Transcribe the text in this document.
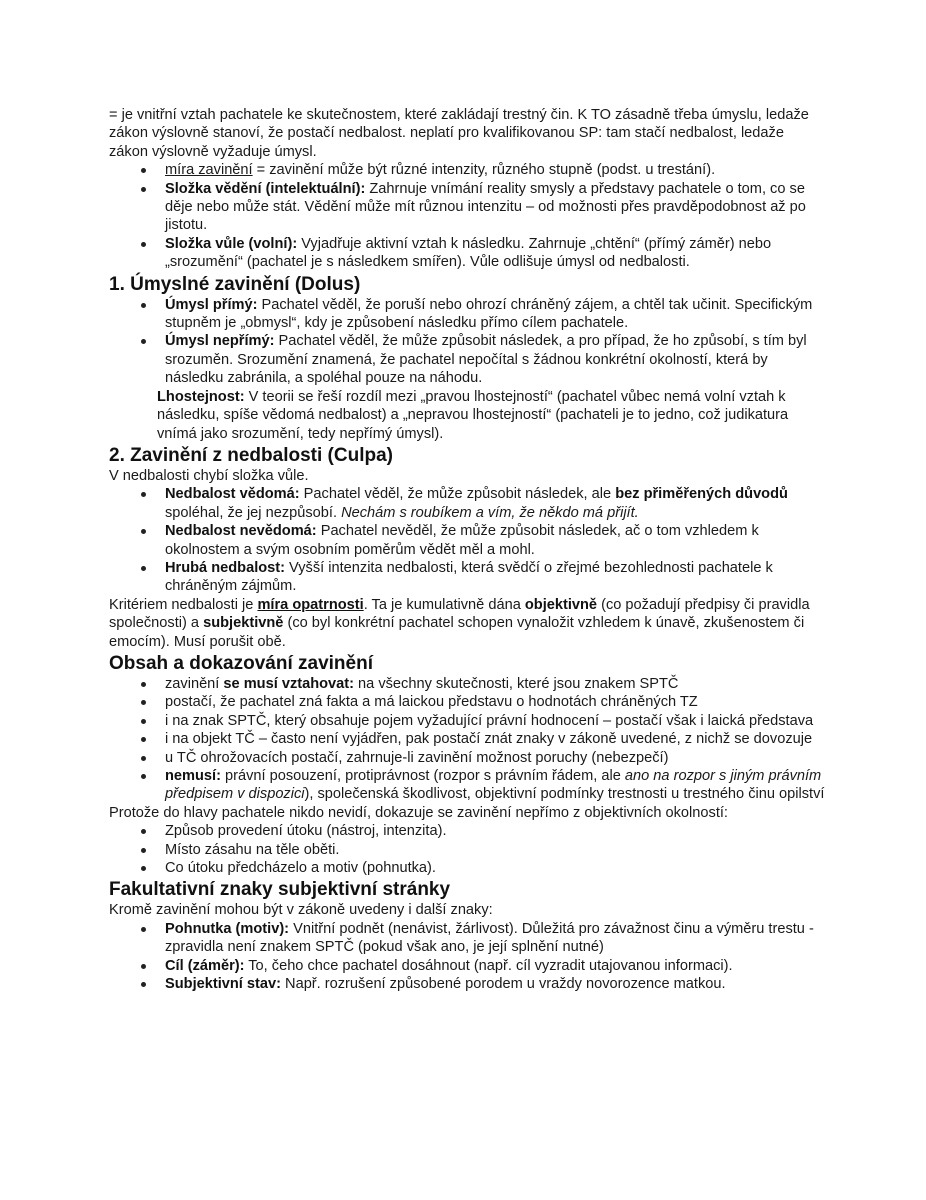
= je vnitřní vztah pachatele ke skutečnostem, které zakládají trestný čin. K TO zásadně třeba úmyslu, ledaže zákon výslovně stanoví, že postačí nedbalost. neplatí pro kvalifikovanou SP: tam stačí nedbalost, ledaže zákon výslovně vyžaduje úmysl.

míra zavinění = zavinění může být různé intenzity, různého stupně (podst. u trestání).
Složka vědění (intelektuální): Zahrnuje vnímání reality smysly a představy pachatele o tom, co se děje nebo může stát. Vědění může mít různou intenzitu – od možnosti přes pravděpodobnost až po jistotu.
Složka vůle (volní): Vyjadřuje aktivní vztah k následku. Zahrnuje „chtění“ (přímý záměr) nebo „srozumění“ (pachatel je s následkem smířen). Vůle odlišuje úmysl od nedbalosti.
1. Úmyslné zavinění (Dolus)
Úmysl přímý: Pachatel věděl, že poruší nebo ohrozí chráněný zájem, a chtěl tak učinit. Specifickým stupněm je „obmysl“, kdy je způsobení následku přímo cílem pachatele.
Úmysl nepřímý: Pachatel věděl, že může způsobit následek, a pro případ, že ho způsobí, s tím byl srozuměn. Srozumění znamená, že pachatel nepočítal s žádnou konkrétní okolností, která by následku zabránila, a spoléhal pouze na náhodu.

Lhostejnost: V teorii se řeší rozdíl mezi „pravou lhostejností“ (pachatel vůbec nemá volní vztah k následku, spíše vědomá nedbalost) a „nepravou lhostejností“ (pachateli je to jedno, což judikatura vnímá jako srozumění, tedy nepřímý úmysl).

2. Zavinění z nedbalosti (Culpa)

V nedbalosti chybí složka vůle.

Nedbalost vědomá: Pachatel věděl, že může způsobit následek, ale bez přiměřených důvodů spoléhal, že jej nezpůsobí. Nechám s roubíkem a vím, že někdo má přijít.
Nedbalost nevědomá: Pachatel nevěděl, že může způsobit následek, ač o tom vzhledem k okolnostem a svým osobním poměrům vědět měl a mohl.
Hrubá nedbalost: Vyšší intenzita nedbalosti, která svědčí o zřejmé bezohlednosti pachatele k chráněným zájmům.

Kritériem nedbalosti je míra opatrnosti. Ta je kumulativně dána objektivně (co požadují předpisy či pravidla společnosti) a subjektivně (co byl konkrétní pachatel schopen vynaložit vzhledem k únavě, zkušenostem či emocím). Musí porušit obě.

Obsah a dokazování zavinění
zavinění se musí vztahovat: na všechny skutečnosti, které jsou znakem SPTČ
postačí, že pachatel zná fakta a má laickou představu o hodnotách chráněných TZ
i na znak SPTČ, který obsahuje pojem vyžadující právní hodnocení – postačí však i laická představa
i na objekt TČ – často není vyjádřen, pak postačí znát znaky v zákoně uvedené, z nichž se dovozuje
u TČ ohrožovacích postačí, zahrnuje-li zavinění možnost poruchy (nebezpečí)
nemusí: právní posouzení, protiprávnost (rozpor s právním řádem, ale ano na rozpor s jiným právním předpisem v dispozici), společenská škodlivost, objektivní podmínky trestnosti u trestného činu opilství

Protože do hlavy pachatele nikdo nevidí, dokazuje se zavinění nepřímo z objektivních okolností:

Způsob provedení útoku (nástroj, intenzita).
Místo zásahu na těle oběti.
Co útoku předcházelo a motiv (pohnutka).
Fakultativní znaky subjektivní stránky

Kromě zavinění mohou být v zákoně uvedeny i další znaky:

Pohnutka (motiv): Vnitřní podnět (nenávist, žárlivost). Důležitá pro závažnost činu a výměru trestu - zpravidla není znakem SPTČ (pokud však ano, je její splnění nutné)
Cíl (záměr): To, čeho chce pachatel dosáhnout (např. cíl vyzradit utajovanou informaci).
Subjektivní stav: Např. rozrušení způsobené porodem u vraždy novorozence matkou.
